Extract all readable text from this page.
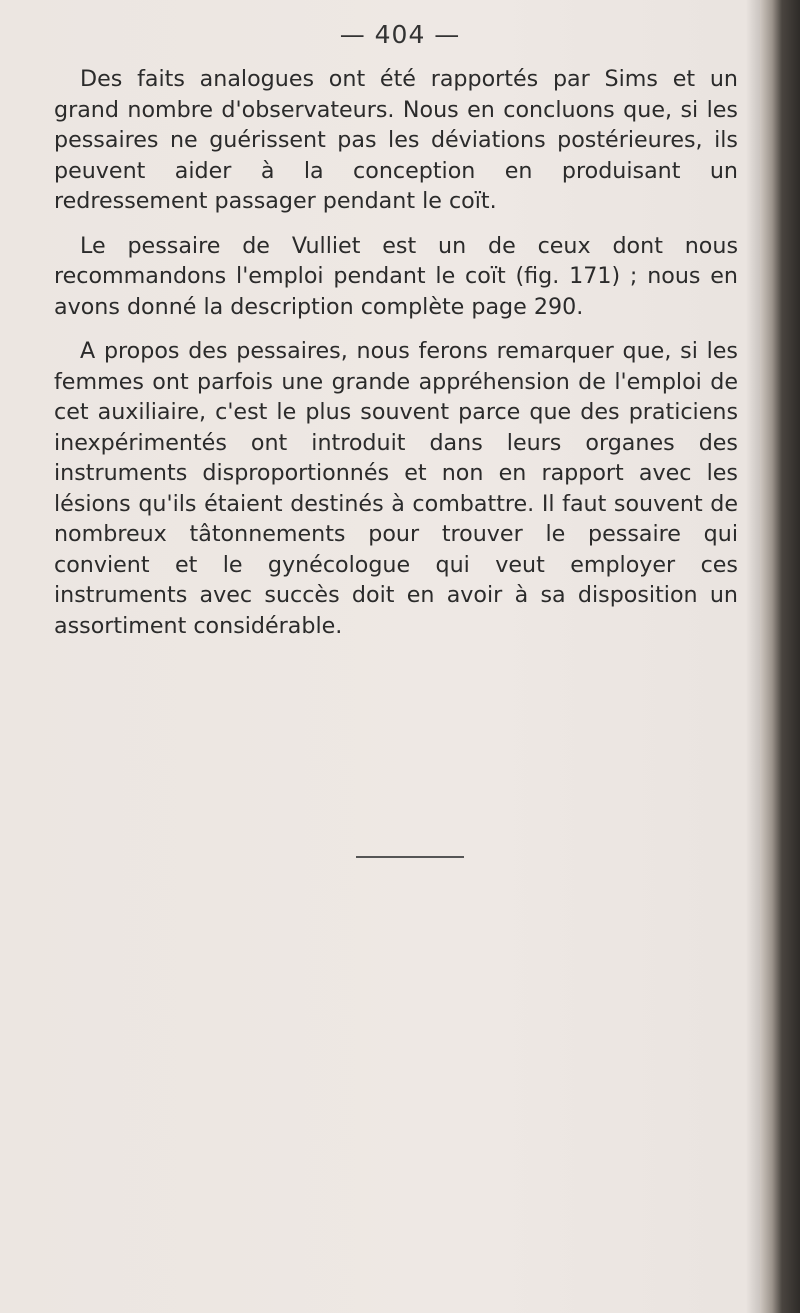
— 404 —

Des faits analogues ont été rapportés par Sims et un grand nombre d'observateurs. Nous en concluons que, si les pessaires ne guérissent pas les déviations postérieures, ils peuvent aider à la conception en produisant un redressement passager pendant le coït.

Le pessaire de Vulliet est un de ceux dont nous recommandons l'emploi pendant le coït (fig. 171) ; nous en avons donné la description complète page 290.

A propos des pessaires, nous ferons remarquer que, si les femmes ont parfois une grande appréhension de l'emploi de cet auxiliaire, c'est le plus souvent parce que des praticiens inexpérimentés ont introduit dans leurs organes des instruments disproportionnés et non en rapport avec les lésions qu'ils étaient destinés à combattre. Il faut souvent de nombreux tâtonnements pour trouver le pessaire qui convient et le gynécologue qui veut employer ces instruments avec succès doit en avoir à sa disposition un assortiment considérable.
